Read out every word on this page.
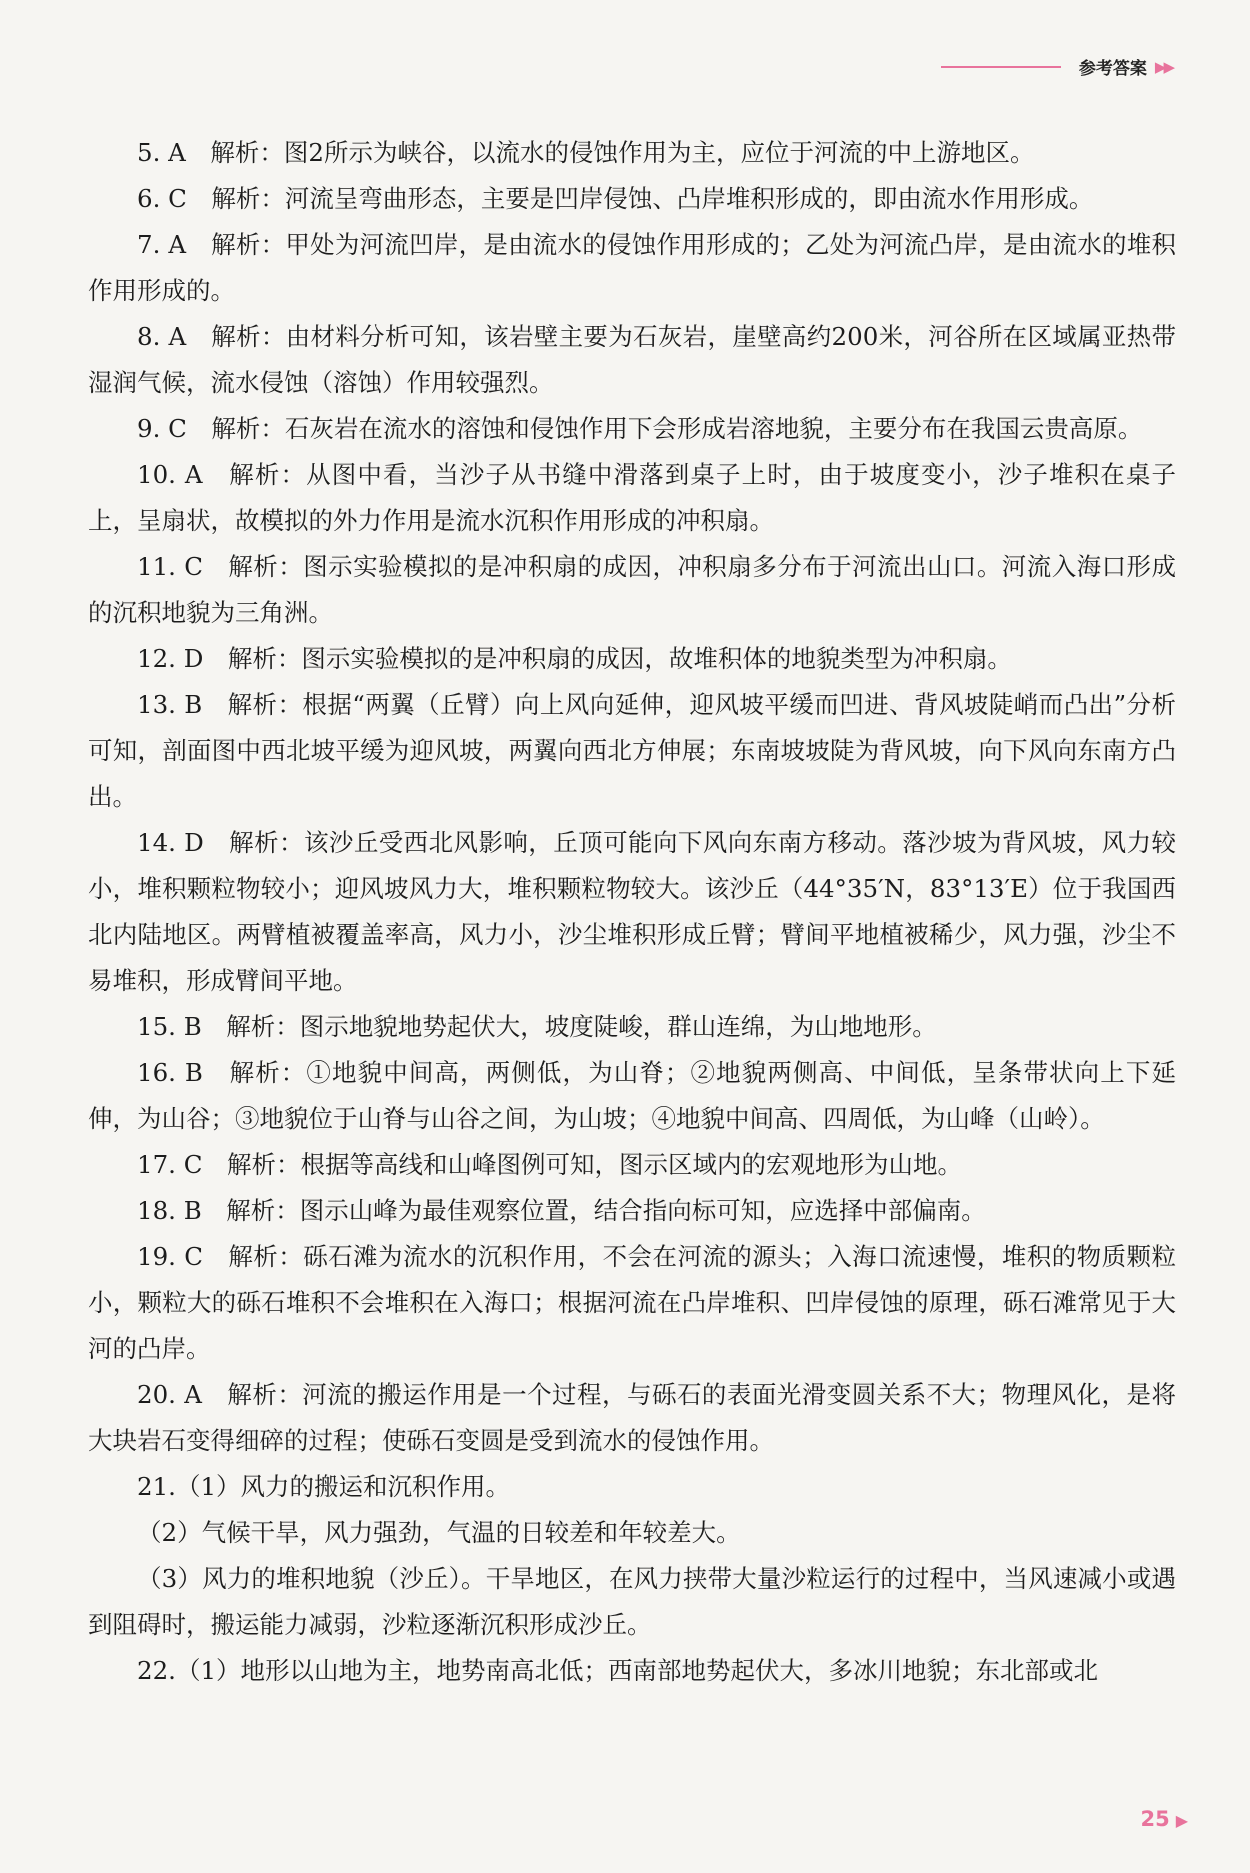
参考答案 ▶▶

5. A　解析：图2所示为峡谷，以流水的侵蚀作用为主，应位于河流的中上游地区。

6. C　解析：河流呈弯曲形态，主要是凹岸侵蚀、凸岸堆积形成的，即由流水作用形成。

7. A　解析：甲处为河流凹岸，是由流水的侵蚀作用形成的；乙处为河流凸岸，是由流水的堆积作用形成的。

8. A　解析：由材料分析可知，该岩壁主要为石灰岩，崖壁高约200米，河谷所在区域属亚热带湿润气候，流水侵蚀（溶蚀）作用较强烈。

9. C　解析：石灰岩在流水的溶蚀和侵蚀作用下会形成岩溶地貌，主要分布在我国云贵高原。

10. A　解析：从图中看，当沙子从书缝中滑落到桌子上时，由于坡度变小，沙子堆积在桌子上，呈扇状，故模拟的外力作用是流水沉积作用形成的冲积扇。

11. C　解析：图示实验模拟的是冲积扇的成因，冲积扇多分布于河流出山口。河流入海口形成的沉积地貌为三角洲。

12. D　解析：图示实验模拟的是冲积扇的成因，故堆积体的地貌类型为冲积扇。

13. B　解析：根据“两翼（丘臂）向上风向延伸，迎风坡平缓而凹进、背风坡陡峭而凸出”分析可知，剖面图中西北坡平缓为迎风坡，两翼向西北方伸展；东南坡坡陡为背风坡，向下风向东南方凸出。

14. D　解析：该沙丘受西北风影响，丘顶可能向下风向东南方移动。落沙坡为背风坡，风力较小，堆积颗粒物较小；迎风坡风力大，堆积颗粒物较大。该沙丘（44°35′N，83°13′E）位于我国西北内陆地区。两臂植被覆盖率高，风力小，沙尘堆积形成丘臂；臂间平地植被稀少，风力强，沙尘不易堆积，形成臂间平地。

15. B　解析：图示地貌地势起伏大，坡度陡峻，群山连绵，为山地地形。

16. B　解析：①地貌中间高，两侧低，为山脊；②地貌两侧高、中间低，呈条带状向上下延伸，为山谷；③地貌位于山脊与山谷之间，为山坡；④地貌中间高、四周低，为山峰（山岭）。

17. C　解析：根据等高线和山峰图例可知，图示区域内的宏观地形为山地。

18. B　解析：图示山峰为最佳观察位置，结合指向标可知，应选择中部偏南。

19. C　解析：砾石滩为流水的沉积作用，不会在河流的源头；入海口流速慢，堆积的物质颗粒小，颗粒大的砾石堆积不会堆积在入海口；根据河流在凸岸堆积、凹岸侵蚀的原理，砾石滩常见于大河的凸岸。

20. A　解析：河流的搬运作用是一个过程，与砾石的表面光滑变圆关系不大；物理风化，是将大块岩石变得细碎的过程；使砾石变圆是受到流水的侵蚀作用。

21.（1）风力的搬运和沉积作用。

（2）气候干旱，风力强劲，气温的日较差和年较差大。

（3）风力的堆积地貌（沙丘）。干旱地区，在风力挟带大量沙粒运行的过程中，当风速减小或遇到阻碍时，搬运能力减弱，沙粒逐渐沉积形成沙丘。

22.（1）地形以山地为主，地势南高北低；西南部地势起伏大，多冰川地貌；东北部或北

25 ▶
